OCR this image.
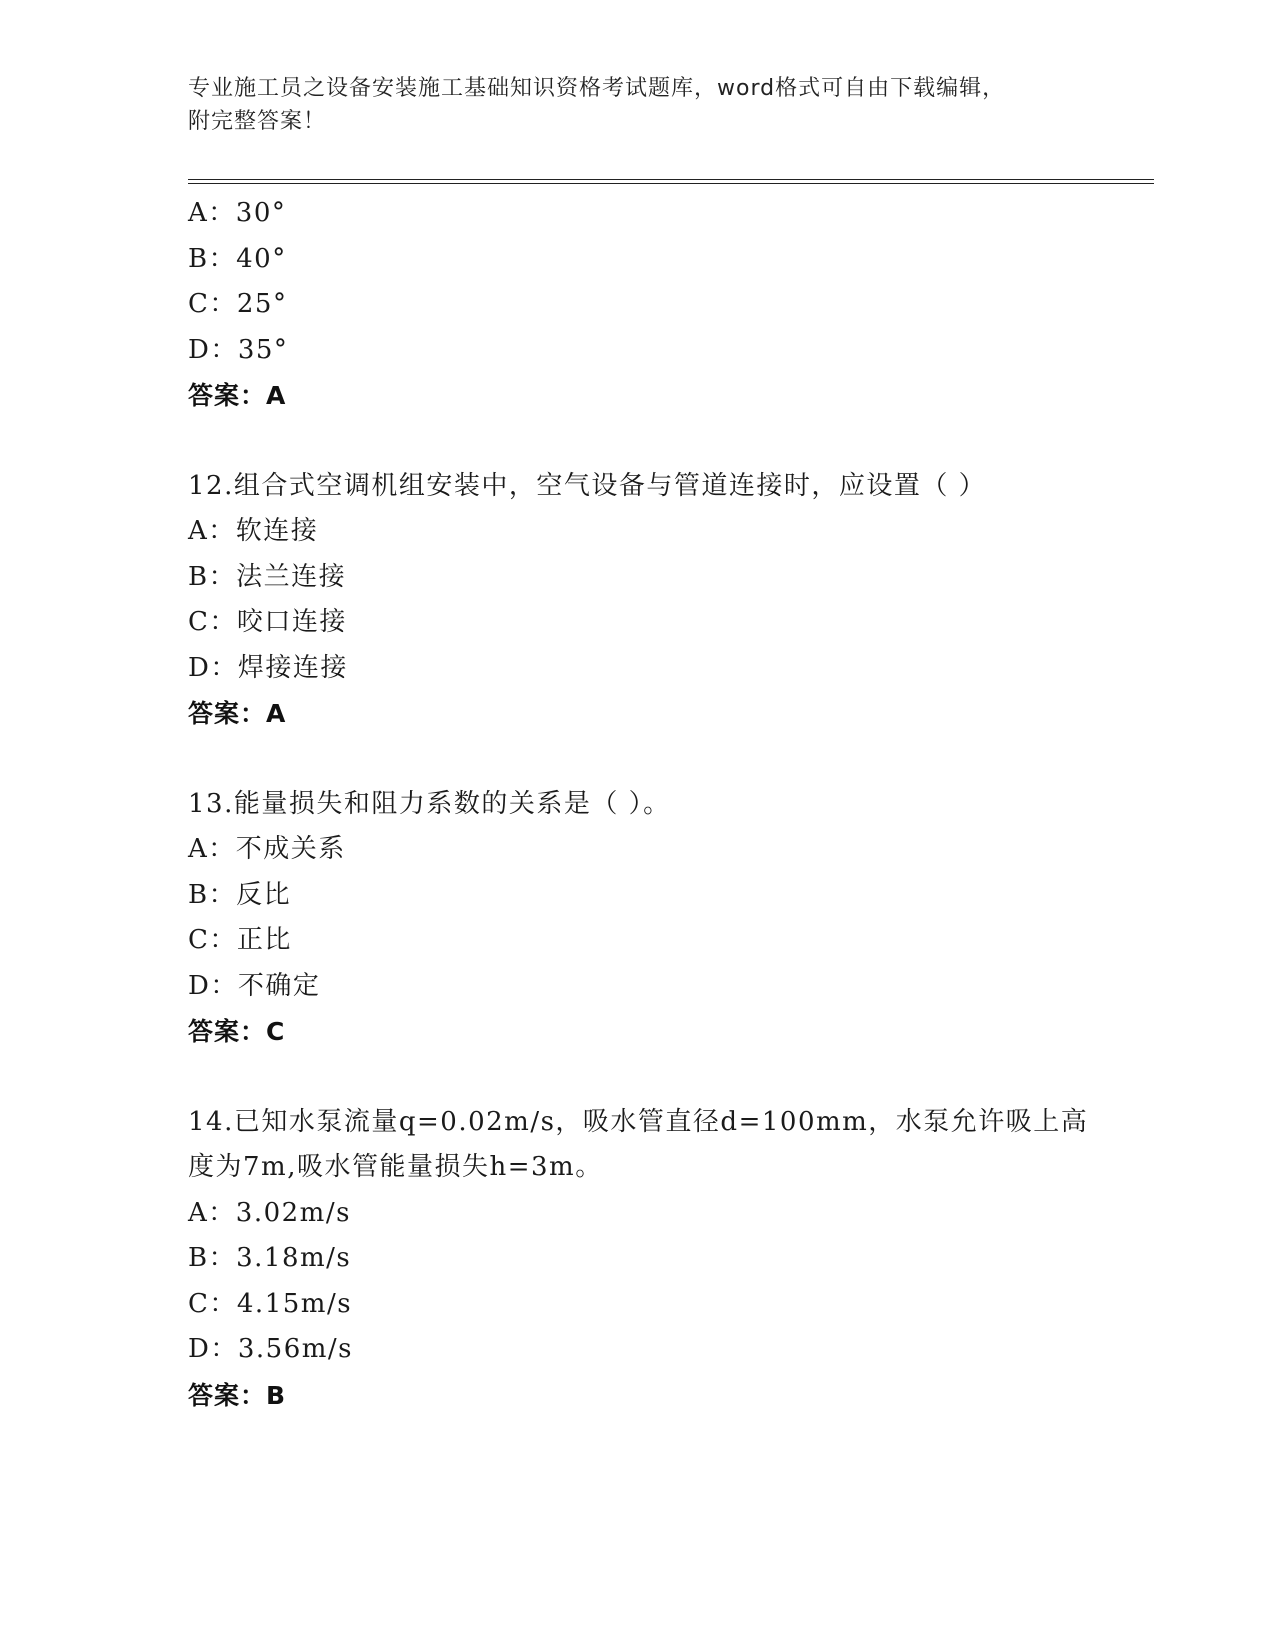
专业施工员之设备安装施工基础知识资格考试题库，word格式可自由下载编辑，
附完整答案！
A：30°
B：40°
C：25°
D：35°
答案：A
12.组合式空调机组安装中，空气设备与管道连接时，应设置（ ）
A：软连接
B：法兰连接
C：咬口连接
D：焊接连接
答案：A
13.能量损失和阻力系数的关系是（ ）。
A：不成关系
B：反比
C：正比
D：不确定
答案：C
14.已知水泵流量q=0.02m/s，吸水管直径d=100mm，水泵允许吸上高
度为7m,吸水管能量损失h=3m。
A：3.02m/s
B：3.18m/s
C：4.15m/s
D：3.56m/s
答案：B
